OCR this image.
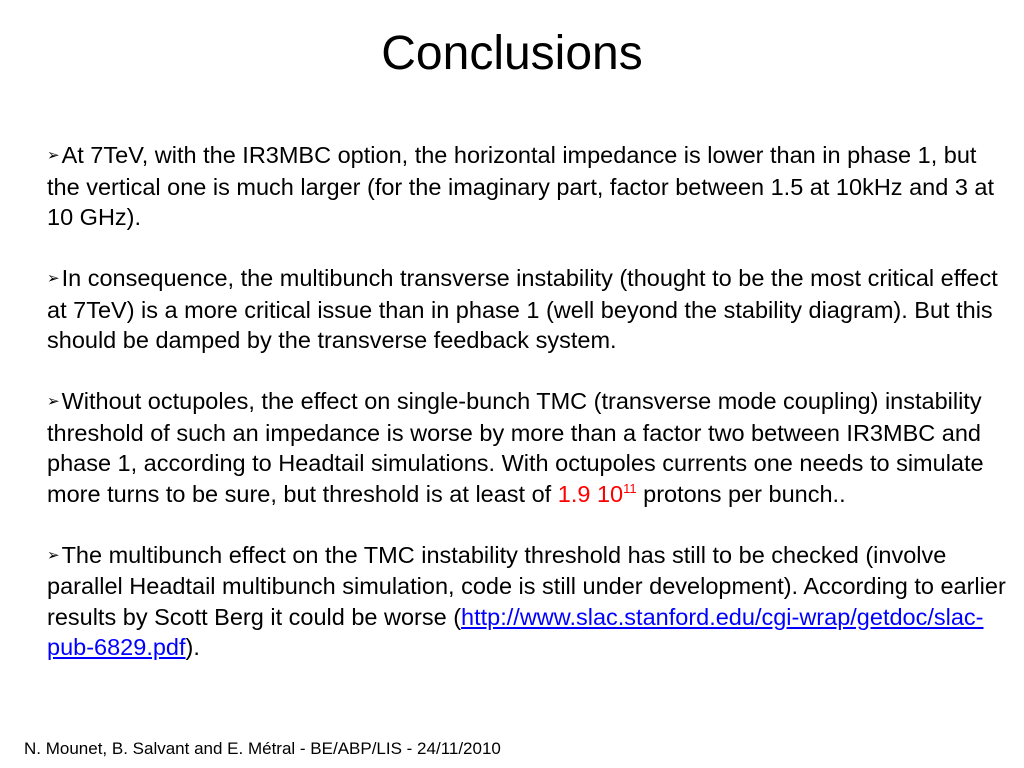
Conclusions

➢At 7TeV, with the IR3MBC option, the horizontal impedance is lower than in phase 1, but the vertical one is much larger (for the imaginary part, factor between 1.5 at 10kHz and 3 at 10 GHz).

➢In consequence, the multibunch transverse instability (thought to be the most critical effect at 7TeV) is a more critical issue than in phase 1 (well beyond the stability diagram). But this should be damped by the transverse feedback system.

➢Without octupoles, the effect on single-bunch TMC (transverse mode coupling) instability threshold of such an impedance is worse by more than a factor two between IR3MBC and phase 1, according to Headtail simulations. With octupoles currents one needs to simulate more turns to be sure, but threshold is at least of 1.9 $10^{11}$ protons per bunch..

➢The multibunch effect on the TMC instability threshold has still to be checked (involve parallel Headtail multibunch simulation, code is still under development). According to earlier results by Scott Berg it could be worse (http://www.slac.stanford.edu/cgi-wrap/getdoc/slac-pub-6829.pdf).

N. Mounet, B. Salvant and E. Métral - BE/ABP/LIS - 24/11/2010
